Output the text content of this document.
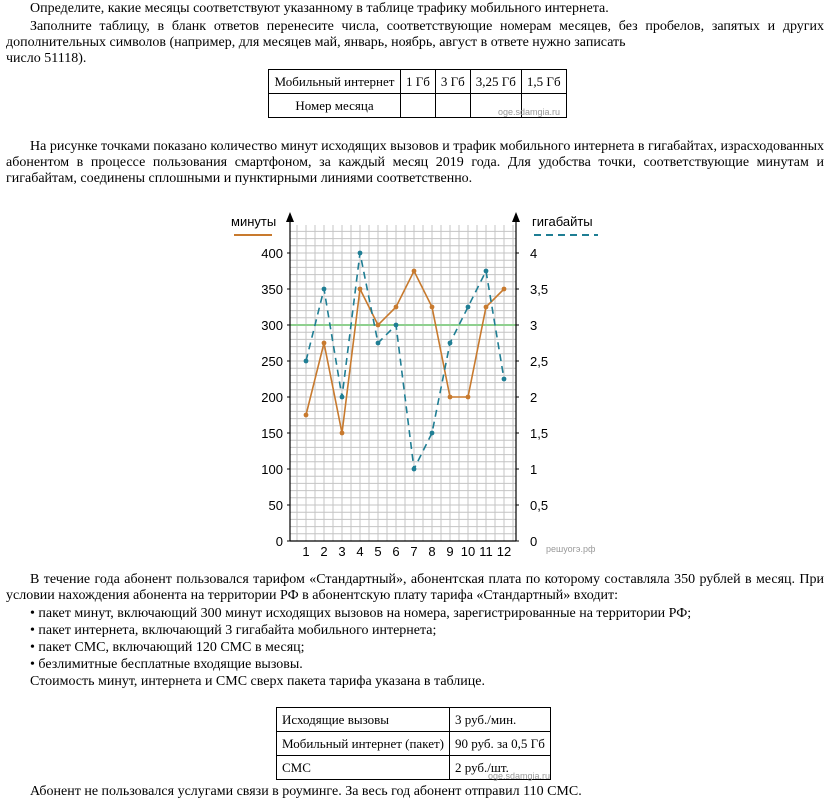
Определите, какие месяцы соответствуют указанному в таблице трафику мобильного интернета.

Заполните таблицу, в бланк ответов перенесите числа, соответствующие номерам месяцев, без пробелов, запятых и других дополнительных символов (например, для месяцев май, январь, ноябрь, август в ответе нужно записать

число 51118).

Мобильный интернет	1 Гб	3 Гб	3,25 Гб	1,5 Гб
Номер месяца					oge.sdamgia.ru

На рисунке точками показано количество минут исходящих вызовов и трафик мобильного интернета в гигабайтах, израсходованных абонентом в процессе пользования смартфоном, за каждый месяц 2019 года. Для удобства точки, соответствующие минутам и гигабайтам, соединены сплошными и пунктирными линиями соответственно.

0
50
100
150
200
250
300
350
400
0
0,5
1
1,5
2
2,5
3
3,5
4
1 2 3 4 5 6 7 8 9 10 11 12
минуты	гигабайты
решуогэ.рф

В течение года абонент пользовался тарифом «Стандартный», абонентская плата по которому составляла 350 рублей в месяц. При условии нахождения абонента на территории РФ в абонентскую плату тарифа «Стандартный» входит:

• пакет минут, включающий 300 минут исходящих вызовов на номера, зарегистрированные на территории РФ;

• пакет интернета, включающий 3 гигабайта мобильного интернета;

• пакет СМС, включающий 120 СМС в месяц;

• безлимитные бесплатные входящие вызовы.

Стоимость минут, интернета и СМС сверх пакета тарифа указана в таблице.

Исходящие вызовы	3 руб./мин.
Мобильный интернет (пакет)	90 руб. за 0,5 Гб
СМС	2 руб./шт.
oge.sdamgia.ru

Абонент не пользовался услугами связи в роуминге. За весь год абонент отправил 110 СМС.
